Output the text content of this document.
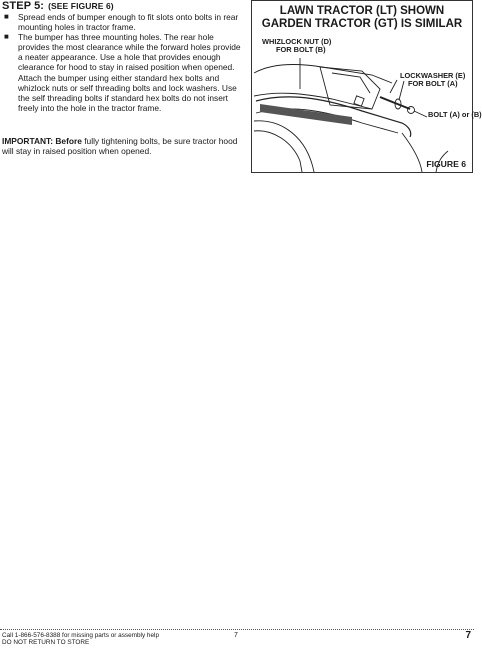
STEP 5: (SEE FIGURE 6)
■ Spread ends of bumper enough to fit slots onto bolts in rear mounting holes in tractor frame.
■ The bumper has three mounting holes. The rear hole provides the most clearance while the forward holes provide a neater appearance. Use a hole that provides enough clearance for hood to stay in raised position when opened. Attach the bumper using either standard hex bolts and whizlock nuts or self threading bolts and lock washers. Use the self threading bolts if standard hex bolts do not insert freely into the hole in the tractor frame.

IMPORTANT: Before fully tightening bolts, be sure tractor hood will stay in raised position when opened.

LAWN TRACTOR (LT) SHOWN
GARDEN TRACTOR (GT) IS SIMILAR
WHIZLOCK NUT (D)
FOR BOLT (B)
LOCKWASHER (E)
FOR BOLT (A)
BOLT (A) or (B)
FIGURE 6
Call 1-866-576-8388 for missing parts or assembly help
DO NOT RETURN TO STORE
7	7
